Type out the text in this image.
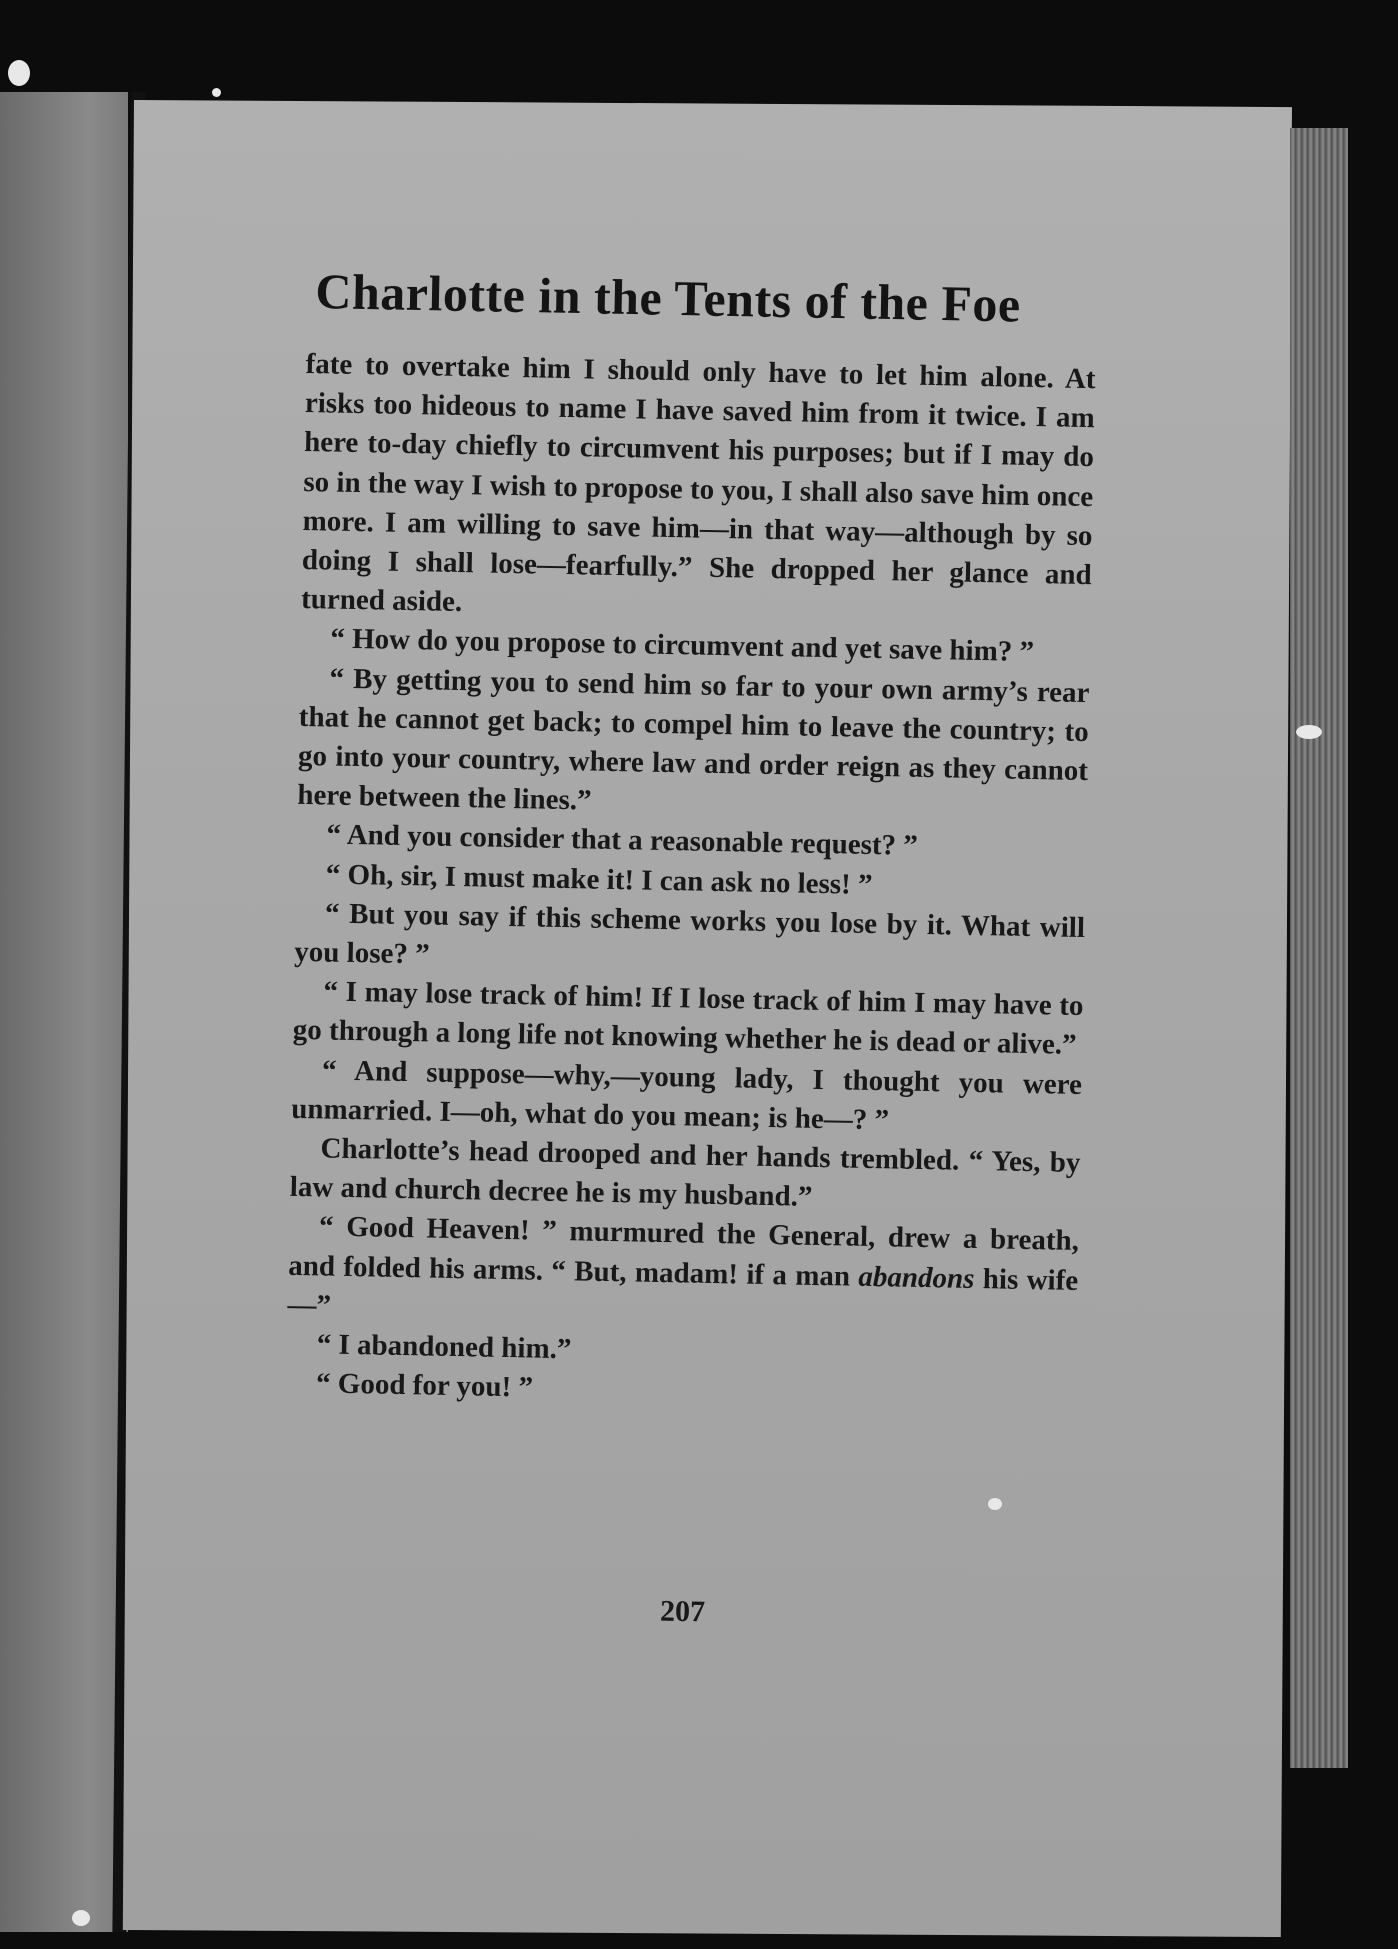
Charlotte in the Tents of the Foe

fate to overtake him I should only have to let him alone. At risks too hideous to name I have saved him from it twice. I am here to-day chiefly to circumvent his purposes; but if I may do so in the way I wish to propose to you, I shall also save him once more. I am willing to save him—in that way—although by so doing I shall lose—fearfully.” She dropped her glance and turned aside.

“ How do you propose to circumvent and yet save him? ”

“ By getting you to send him so far to your own army’s rear that he cannot get back; to compel him to leave the country; to go into your country, where law and order reign as they cannot here between the lines.”

“ And you consider that a reasonable request? ”

“ Oh, sir, I must make it! I can ask no less! ”

“ But you say if this scheme works you lose by it. What will you lose? ”

“ I may lose track of him! If I lose track of him I may have to go through a long life not knowing whether he is dead or alive.”

“ And suppose—why,—young lady, I thought you were unmarried. I—oh, what do you mean; is he—? ”

Charlotte’s head drooped and her hands trembled. “ Yes, by law and church decree he is my husband.”

“ Good Heaven! ” murmured the General, drew a breath, and folded his arms. “ But, madam! if a man abandons his wife—”

“ I abandoned him.”

“ Good for you! ”

207
